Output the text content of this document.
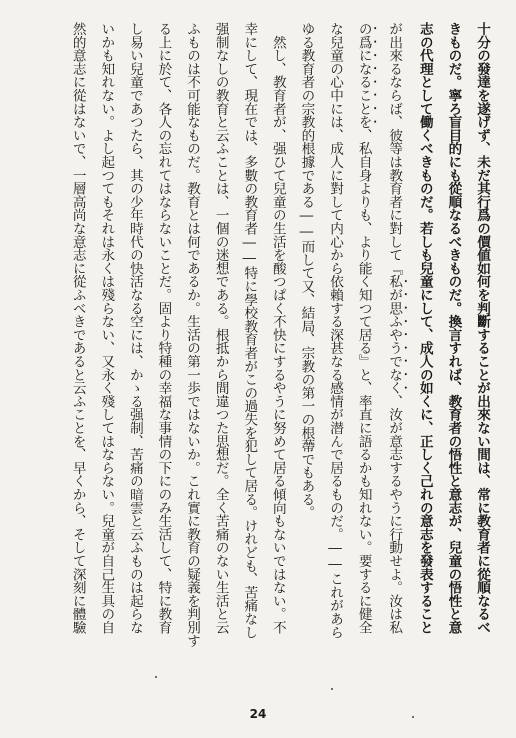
十分の發達を遂げず、未だ其行爲の價値如何を判斷することが出來ない間は、常に教育者に從順なるべ
きものだ。寧ろ盲目的にも從順なるべきものだ。換言すれば、教育者の悟性と意志が、兒童の悟性と意
志の代理として働くべきものだ。若しも兒童にして、成人の如くに、正しく己れの意志を發表すること
が出來るならば、彼等は教育者に對して『私が思ふやうでなく、汝が意志するやうに行動せよ。汝は私
の爲になることを、私自身よりも、より能く知つて居る』と、率直に語るかも知れない。要するに健全
な兒童の心中には、成人に對して内心から依賴する深甚なる感情が潜んで居るものだ。――これがあら
ゆる教育者の宗教的根據である――而して又、結局、宗教の第一の根蔕でもある。
　然し、教育者が、强ひて兒童の生活を酸つぱく不快にするやうに努めて居る傾向もないではない。不
幸にして、現在では、多數の教育者――特に學校教育者がこの過失を犯して居る。けれども、苦痛なし
强制なしの教育と云ふことは、一個の迷想である。根抵から間違つた思想だ。全く苦痛のない生活と云
ふものは不可能なものだ。教育とは何であるか。生活の第一歩ではないか。これ實に教育の疑義を判別す
る上に於て、各人の忘れてはならないことだ。固より特種の幸福な事情の下にのみ生活して、特に教育
し易い兒童であつたら、其の少年時代の快活なる空には、かゝる强制、苦痛の暗雲と云ふものは起らな
いかも知れない。よし起つてもそれは永くは殘らない、又永く殘してはならない。兒童が自己生具の自
然的意志に從はないで、一層高尚な意志に從ふべきであると云ふことを、早くから、そして深刻に體驗
24
